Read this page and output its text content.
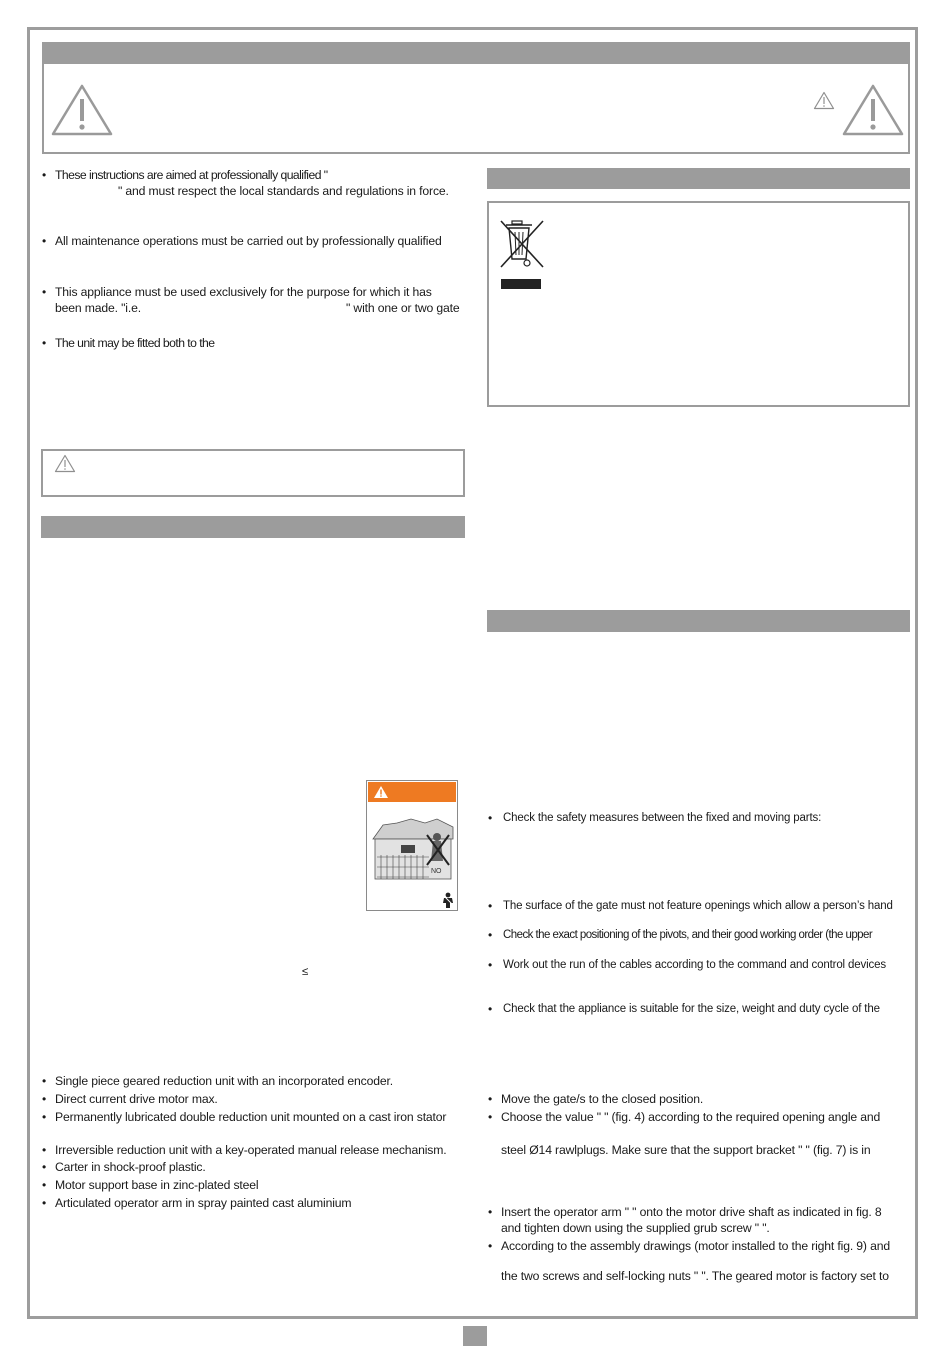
• These instructions are aimed at professionally qualified "
" and must respect the local standards and regulations in force.
• All maintenance operations must be carried out by professionally qualified
• This appliance must be used exclusively for the purpose for which it has
been made. "i.e.	" with one or two gate
• The unit may be fitted both to the
NO
≤
• Single piece geared reduction unit with an incorporated encoder.
• Direct current drive motor max.
• Permanently lubricated double reduction unit mounted on a cast iron stator
• Irreversible reduction unit with a key-operated manual release mechanism.
• Carter in shock-proof plastic.
• Motor support base in zinc-plated steel
• Articulated operator arm in spray painted cast aluminium
• Check the safety measures between the fixed and moving parts:
• The surface of the gate must not feature openings which allow a person’s hand
• Check the exact positioning of the pivots, and their good working order (the upper
• Work out the run of the cables according to the command and control devices
• Check that the appliance is suitable for the size, weight and duty cycle of the
• Move the gate/s to the closed position.
• Choose the value " " (fig. 4) according to the required opening angle and
steel Ø14 rawlplugs. Make sure that the support bracket " " (fig. 7) is in
• Insert the operator arm " " onto the motor drive shaft as indicated in fig. 8
and tighten down using the supplied grub screw " ".
• According to the assembly drawings (motor installed to the right fig. 9) and
the two screws and self-locking nuts " ". The geared motor is factory set to
